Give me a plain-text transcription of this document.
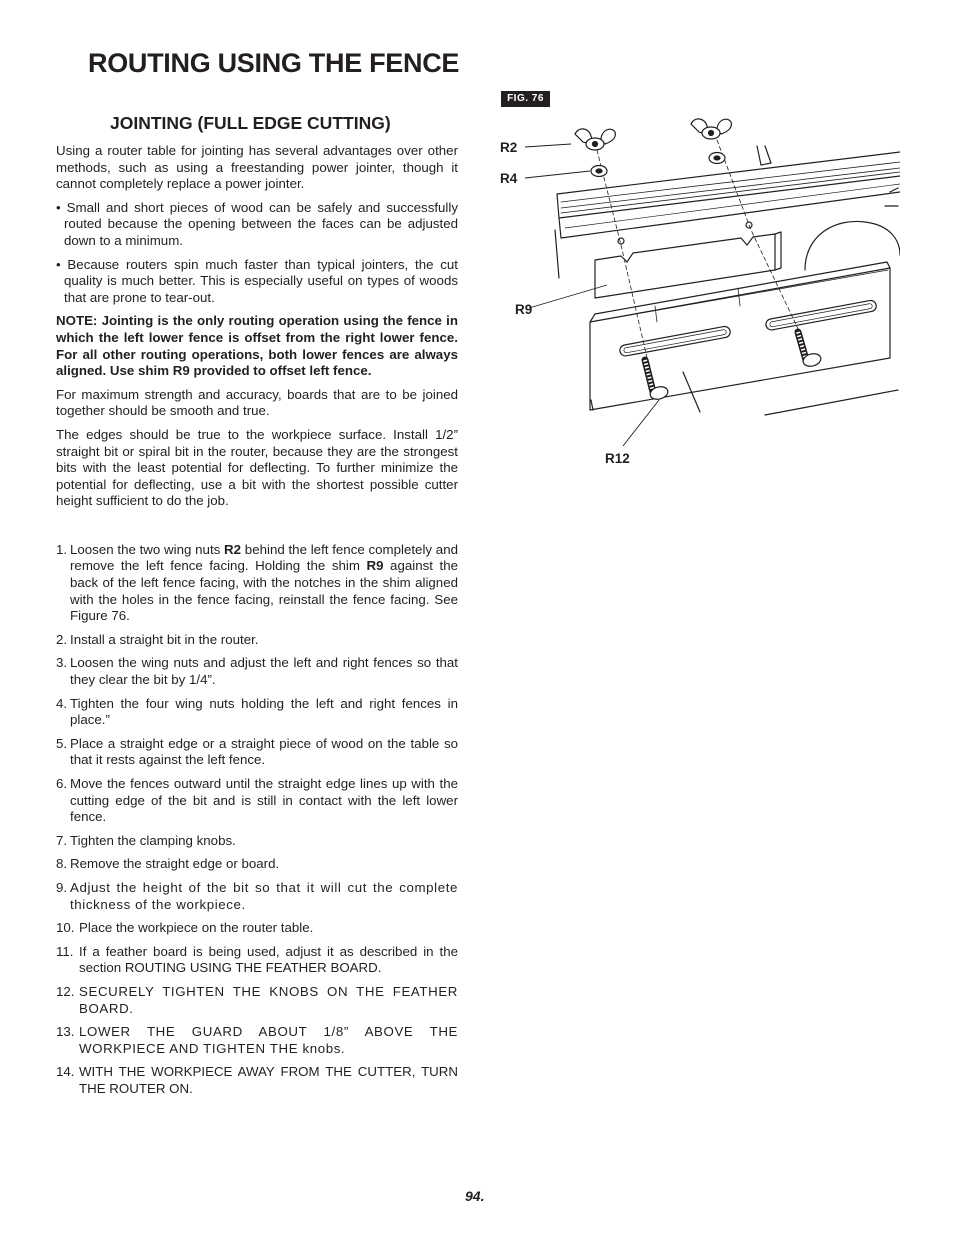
ROUTING USING THE FENCE
JOINTING (FULL EDGE CUTTING)

Using a router table for jointing has several advantages over other methods, such as using a freestanding power jointer, though it cannot completely replace a power jointer.

• Small and short pieces of wood can be safely and successfully routed because the opening between the faces can be adjusted down to a minimum.

• Because routers spin much faster than typical jointers, the cut quality is much better. This is especially useful on types of woods that are prone to tear-out.

NOTE: Jointing is the only routing operation using the fence in which the left lower fence is offset from the right lower fence. For all other routing operations, both lower fences are always aligned. Use shim R9 provided to offset left fence.

For maximum strength and accuracy, boards that are to be joined together should be smooth and true.

The edges should be true to the workpiece surface. Install 1/2” straight bit or spiral bit in the router, because they are the strongest bits with the least potential for deflecting. To further minimize the potential for deflecting, use a bit with the shortest possible cutter height sufficient to do the job.

1. Loosen the two wing nuts R2 behind the left fence completely and remove the left fence facing. Holding the shim R9 against the back of the left fence facing, with the notches in the shim aligned with the holes in the fence facing, reinstall the fence facing. See Figure 76.
2. Install a straight bit in the router.
3. Loosen the wing nuts and adjust the left and right fences so that they clear the bit by 1/4”.
4. Tighten the four wing nuts holding the left and right fences in place.”
5. Place a straight edge or a straight piece of wood on the table so that it rests against the left fence.
6. Move the fences outward until the straight edge lines up with the cutting edge of the bit and is still in contact with the left lower fence.
7. Tighten the clamping knobs.
8. Remove the straight edge or board.
9. Adjust the height of the bit so that it will cut the complete thickness of the workpiece.
10. Place the workpiece on the router table.
11. If a feather board is being used, adjust it as described in the section ROUTING USING THE FEATHER BOARD.
12. SECURELY TIGHTEN THE KNOBS ON THE FEATHER BOARD.
13. LOWER THE GUARD ABOUT 1/8” ABOVE THE WORKPIECE AND TIGHTEN THE knobs.
14. WITH THE WORKPIECE AWAY FROM THE CUTTER, TURN THE ROUTER ON.
FIG. 76
R2
R4
R9
R12
94.
